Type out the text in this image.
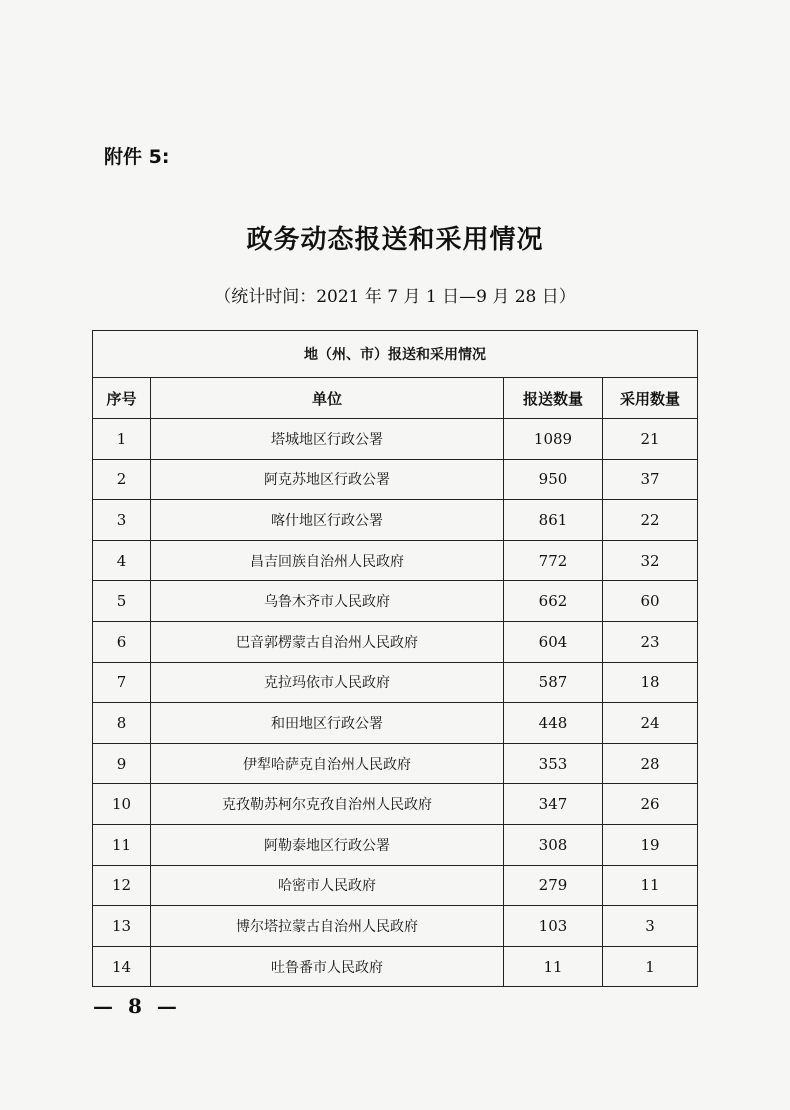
附件 5:
政务动态报送和采用情况
（统计时间：2021 年 7 月 1 日—9 月 28 日）
地（州、市）报送和采用情况			
序号	单位	报送数量	采用数量
1	塔城地区行政公署	1089	21
2	阿克苏地区行政公署	950	37
3	喀什地区行政公署	861	22
4	昌吉回族自治州人民政府	772	32
5	乌鲁木齐市人民政府	662	60
6	巴音郭楞蒙古自治州人民政府	604	23
7	克拉玛依市人民政府	587	18
8	和田地区行政公署	448	24
9	伊犁哈萨克自治州人民政府	353	28
10	克孜勒苏柯尔克孜自治州人民政府	347	26
11	阿勒泰地区行政公署	308	19
12	哈密市人民政府	279	11
13	博尔塔拉蒙古自治州人民政府	103	3
14	吐鲁番市人民政府	11	1
— 8 —
